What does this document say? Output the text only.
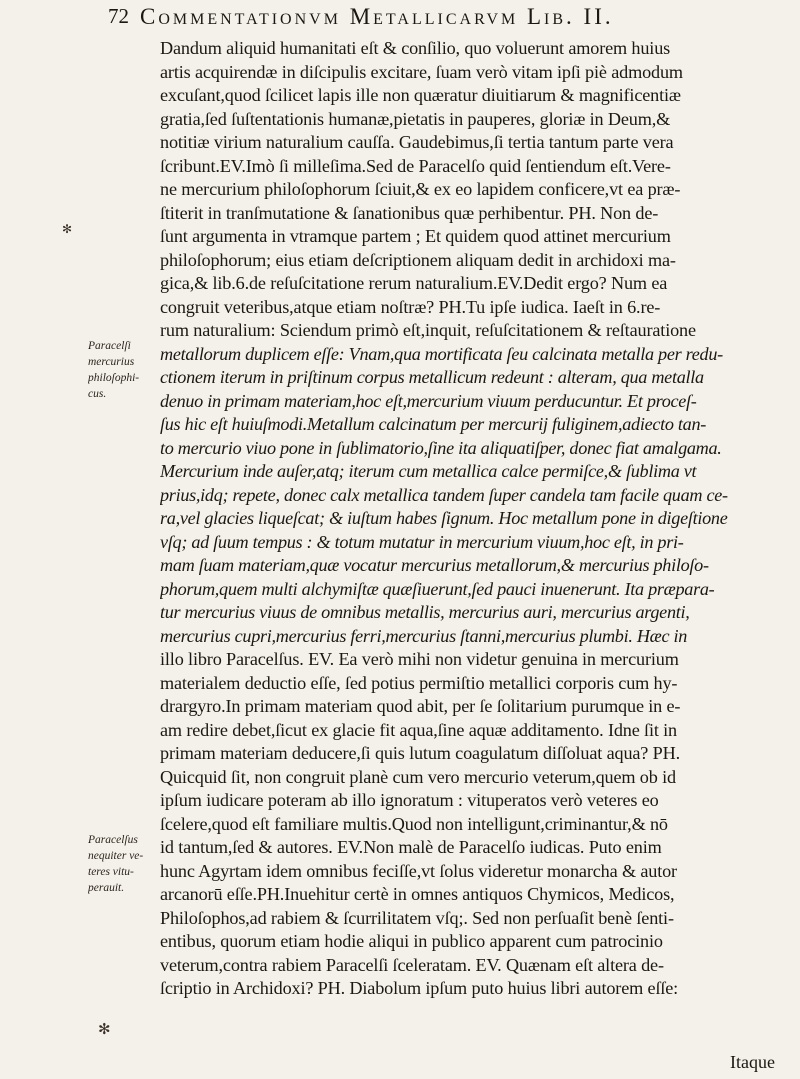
72 Commentationvm Metallicarvm Lib. II.
Dandum aliquid humanitati eſt & conſilio, quo voluerunt amorem huius
artis acquirendæ in diſcipulis excitare, ſuam verò vitam ipſi piè admodum
excuſant,quod ſcilicet lapis ille non quæratur diuitiarum & magnificentiæ
gratia,ſed ſuſtentationis humanæ,pietatis in pauperes, gloriæ in Deum,&
notitiæ virium naturalium cauſſa. Gaudebimus,ſi tertia tantum parte vera
ſcribunt.EV.Imò ſi milleſima.Sed de Paracelſo quid ſentiendum eſt.Vere-
ne mercurium philoſophorum ſciuit,& ex eo lapidem conficere,vt ea præ-
ſtiterit in tranſmutatione & ſanationibus quæ perhibentur. PH. Non de-
ſunt argumenta in vtramque partem ; Et quidem quod attinet mercurium
philoſophorum; eius etiam deſcriptionem aliquam dedit in archidoxi ma-
gica,& lib.6.de reſuſcitatione rerum naturalium.EV.Dedit ergo? Num ea
congruit veteribus,atque etiam noſtræ? PH.Tu ipſe iudica. Iaeſt in 6.re-
rum naturalium: Sciendum primò eſt,inquit, reſuſcitationem & reſtauratione
metallorum duplicem eſſe: Vnam,qua mortificata ſeu calcinata metalla per redu-
ctionem iterum in priſtinum corpus metallicum redeunt : alteram, qua metalla
denuo in primam materiam,hoc eſt,mercurium viuum perducuntur. Et proceſ-
ſus hic eſt huiuſmodi.Metallum calcinatum per mercurij fuliginem,adiecto tan-
to mercurio viuo pone in ſublimatorio,ſine ita aliquatiſper, donec fiat amalgama.
Mercurium inde auſer,atq; iterum cum metallica calce permiſce,& ſublima vt
prius,idq; repete, donec calx metallica tandem ſuper candela tam facile quam ce-
ra,vel glacies liqueſcat; & iuſtum habes ſignum. Hoc metallum pone in digeſtione
vſq; ad ſuum tempus : & totum mutatur in mercurium viuum,hoc eſt, in pri-
mam ſuam materiam,quæ vocatur mercurius metallorum,& mercurius philoſo-
phorum,quem multi alchymiſtæ quæſiuerunt,ſed pauci inuenerunt. Ita præpara-
tur mercurius viuus de omnibus metallis, mercurius auri, mercurius argenti,
mercurius cupri,mercurius ferri,mercurius ſtanni,mercurius plumbi. Hæc in
illo libro Paracelſus. EV. Ea verò mihi non videtur genuina in mercurium
materialem deductio eſſe, ſed potius permiſtio metallici corporis cum hy-
drargyro.In primam materiam quod abit, per ſe ſolitarium purumque in e-
am redire debet,ſicut ex glacie fit aqua,ſine aquæ additamento. Idne ſit in
primam materiam deducere,ſi quis lutum coagulatum diſſoluat aqua? PH.
Quicquid ſit, non congruit planè cum vero mercurio veterum,quem ob id
ipſum iudicare poteram ab illo ignoratum : vituperatos verò veteres eo
ſcelere,quod eſt familiare multis.Quod non intelligunt,criminantur,& nō
id tantum,ſed & autores. EV.Non malè de Paracelſo iudicas. Puto enim
hunc Agyrtam idem omnibus feciſſe,vt ſolus videretur monarcha & autor
arcanorū eſſe.PH.Inuehitur certè in omnes antiquos Chymicos, Medicos,
Philoſophos,ad rabiem & ſcurrilitatem vſq;. Sed non perſuaſit benè ſenti-
entibus, quorum etiam hodie aliqui in publico apparent cum patrocinio
veterum,contra rabiem Paracelſi ſceleratam. EV. Quænam eſt altera de-
ſcriptio in Archidoxi? PH. Diabolum ipſum puto huius libri autorem eſſe:
Paracelſi
mercurius
philoſophi-
cus.
Paracelſus
nequiter ve-
teres vitu-
perauit.
✻
✻
Itaque
